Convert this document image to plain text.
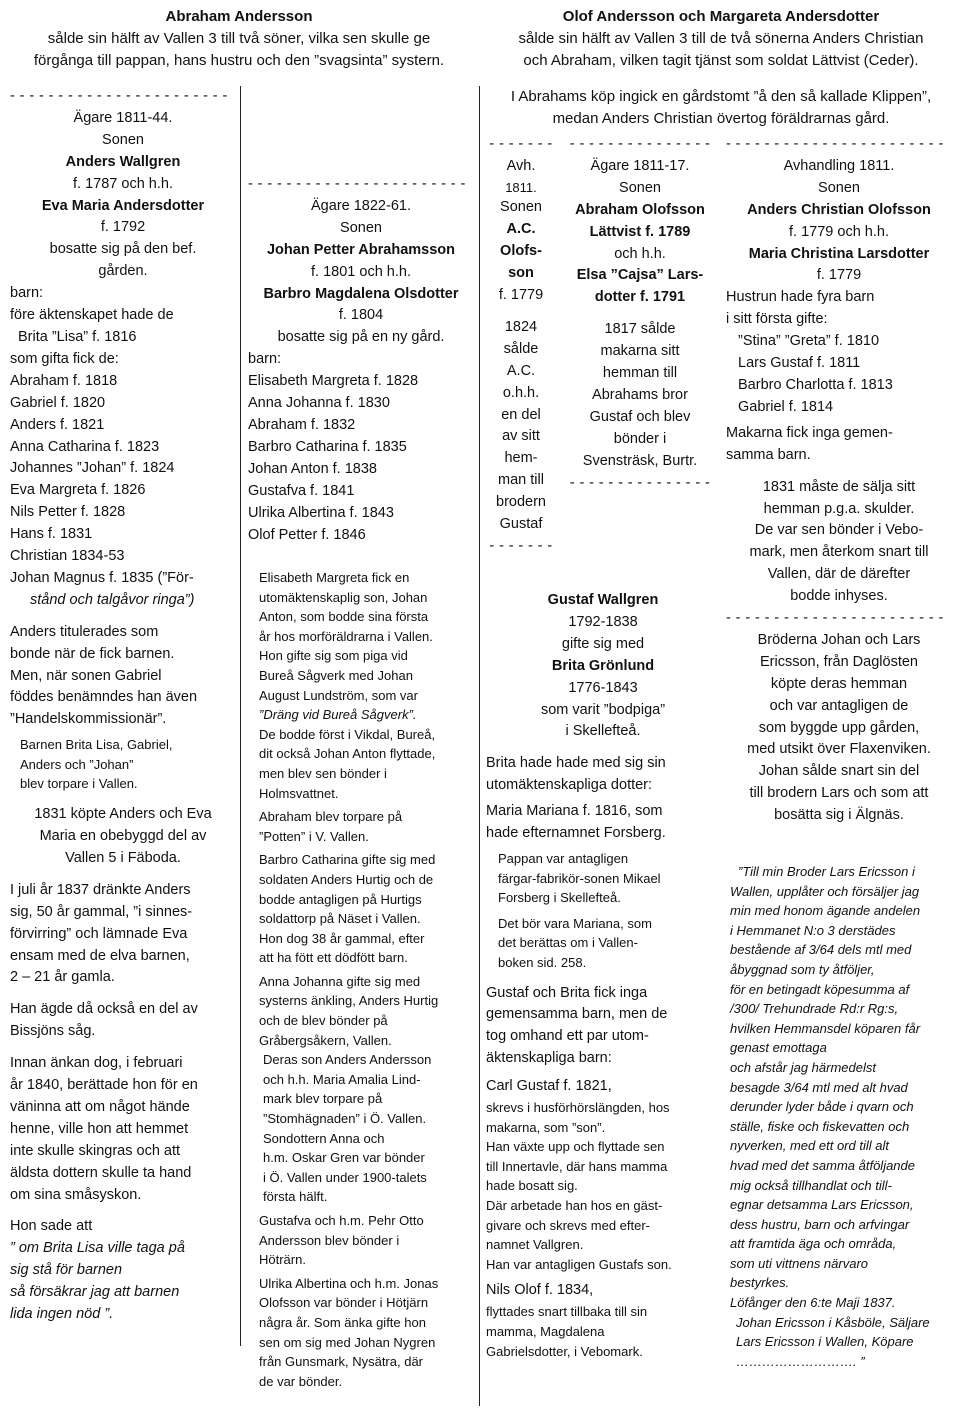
Abraham Andersson
sålde sin hälft av Vallen 3 till två söner, vilka sen skulle ge
förgånga till pappan, hans hustru och den ”svagsinta” systern.
Olof Andersson och Margareta Andersdotter
sålde sin hälft av Vallen 3 till de två sönerna Anders Christian
och Abraham, vilken tagit tjänst som soldat Lättvist (Ceder).
- - - - - - - - - - - - - - - - - - - - - - -
Ägare 1811-44.
Sonen
Anders Wallgren
f. 1787 och h.h.
Eva Maria Andersdotter
f. 1792
bosatte sig på den bef.
gården.
barn:
före äktenskapet hade de
Brita ”Lisa” f. 1816
som gifta fick de:
Abraham f. 1818
Gabriel f. 1820
Anders f. 1821
Anna Catharina f. 1823
Johannes ”Johan” f. 1824
Eva Margreta f. 1826
Nils Petter f. 1828
Hans f. 1831
Christian 1834-53
Johan Magnus f. 1835 (”För-
stånd och talgåvor ringa”)
Anders titulerades som
bonde när de fick barnen.
Men, när sonen Gabriel
föddes benämndes han även
”Handelskommissionär”.
Barnen Brita Lisa, Gabriel,
Anders och ”Johan”
blev torpare i Vallen.
1831 köpte Anders och Eva
Maria en obebyggd del av
Vallen 5 i Fäboda.
I juli år 1837 dränkte Anders
sig, 50 år gammal, ”i sinnes-
förvirring” och lämnade Eva
ensam med de elva barnen,
2 – 21 år gamla.
Han ägde då också en del av
Bissjöns såg.
Innan änkan dog, i februari
år 1840, berättade hon för en
väninna att om något hände
henne, ville hon att hemmet
inte skulle skingras och att
äldsta dottern skulle ta hand
om sina småsyskon.
Hon sade att
” om Brita Lisa ville taga på
sig stå för barnen
så försäkrar jag att barnen
lida ingen nöd ”.
- - - - - - - - - - - - - - - - - - - - - - -
Ägare 1822-61.
Sonen
Johan Petter Abrahamsson
f. 1801 och h.h.
Barbro Magdalena Olsdotter
f. 1804
bosatte sig på en ny gård.
barn:
Elisabeth Margreta f. 1828
Anna Johanna f. 1830
Abraham f. 1832
Barbro Catharina f. 1835
Johan Anton f. 1838
Gustafva f. 1841
Ulrika Albertina f. 1843
Olof Petter f. 1846
Elisabeth Margreta fick en
utomäktenskaplig son, Johan
Anton, som bodde sina första
år hos morföräldrarna i Vallen.
Hon gifte sig som piga vid
Bureå Sågverk med Johan
August Lundström, som var
”Dräng vid Bureå Sågverk”.
De bodde först i Vikdal, Bureå,
dit också Johan Anton flyttade,
men blev sen bönder i
Holmsvattnet.
Abraham blev torpare på
”Potten” i V. Vallen.
Barbro Catharina gifte sig med
soldaten Anders Hurtig och de
bodde antagligen på Hurtigs
soldattorp på Näset i Vallen.
Hon dog 38 år gammal, efter
att ha fött ett dödfött barn.
Anna Johanna gifte sig med
systerns änkling, Anders Hurtig
och de blev bönder på
Gråbergsåkern, Vallen.
Deras son Anders Andersson
och h.h. Maria Amalia Lind-
mark blev torpare på
”Stomhägnaden” i Ö. Vallen.
Sondottern Anna och
h.m. Oskar Gren var bönder
i Ö. Vallen under 1900-talets
första hälft.
Gustafva och h.m. Pehr Otto
Andersson blev bönder i
Höträrn.
Ulrika Albertina och h.m. Jonas
Olofsson var bönder i Hötjärn
några år. Som änka gifte hon
sen om sig med Johan Nygren
från Gunsmark, Nysätra, där
de var bönder.
I Abrahams köp ingick en gårdstomt ”å den så kallade Klippen”,
medan Anders Christian övertog föräldrarnas gård.
- - - - - - -
Avh.
1811.
Sonen
A.C.
Olofs-
son
f. 1779
1824
sålde
A.C.
o.h.h.
en del
av sitt
hem-
man till
brodern
Gustaf
- - - - - - -
- - - - - - - - - - - - - - -
Ägare 1811-17.
Sonen
Abraham Olofsson
Lättvist f. 1789
och h.h.
Elsa ”Cajsa” Lars-
dotter f. 1791
1817 sålde
makarna sitt
hemman till
Abrahams bror
Gustaf och blev
bönder i
Svensträsk, Burtr.
- - - - - - - - - - - - - - -
- - - - - - - - - - - - - - - - - - - - - - -
Avhandling 1811.
Sonen
Anders Christian Olofsson
f. 1779 och h.h.
Maria Christina Larsdotter
f. 1779
Hustrun hade fyra barn
i sitt första gifte:
”Stina” ”Greta” f. 1810
Lars Gustaf f. 1811
Barbro Charlotta f. 1813
Gabriel f. 1814
Makarna fick inga gemen-
samma barn.
1831 måste de sälja sitt
hemman p.g.a. skulder.
De var sen bönder i Vebo-
mark, men återkom snart till
Vallen, där de därefter
bodde inhyses.
- - - - - - - - - - - - - - - - - - - - - - -
Bröderna Johan och Lars
Ericsson, från Daglösten
köpte deras hemman
och var antagligen de
som byggde upp gården,
med utsikt över Flaxenviken.
Johan sålde snart sin del
till brodern Lars och som att
bosätta sig i Älgnäs.
”Till min Broder Lars Ericsson i
Wallen, upplåter och försäljer jag
min med honom ägande andelen
i Hemmanet N:o 3 derstädes
bestående af 3/64 dels mtl med
åbyggnad som ty åtföljer,
för en betingadt köpesumma af
/300/ Trehundrade Rd:r Rg:s,
hvilken Hemmansdel köparen får
genast emottaga
och afstår jag härmedelst
besagde 3/64 mtl med alt hvad
derunder lyder både i qvarn och
ställe, fiske och fiskevatten och
nyverken, med ett ord till alt
hvad med det samma åtföljande
mig också tillhandlat och till-
egnar detsamma Lars Ericsson,
dess hustru, barn och arfvingar
att framtida äga och områda,
som uti vittnens närvaro
bestyrkes.
Löfånger den 6:te Maji 1837.
Johan Ericsson i Kåsböle, Säljare
Lars Ericsson i Wallen, Köpare
………………………. ”
Gustaf Wallgren
1792-1838
gifte sig med
Brita Grönlund
1776-1843
som varit ”bodpiga”
i Skellefteå.
Brita hade hade med sig sin
utomäktenskapliga dotter:
Maria Mariana f. 1816, som
hade efternamnet Forsberg.
Pappan var antagligen
färgar-fabrikör-sonen Mikael
Forsberg i Skellefteå.
Det bör vara Mariana, som
det berättas om i Vallen-
boken sid. 258.
Gustaf och Brita fick inga
gemensamma barn, men de
tog omhand ett par utom-
äktenskapliga barn:
Carl Gustaf f. 1821,
skrevs i husförhörslängden, hos
makarna, som ”son”.
Han växte upp och flyttade sen
till Innertavle, där hans mamma
hade bosatt sig.
Där arbetade han hos en gäst-
givare och skrevs med efter-
namnet Vallgren.
Han var antagligen Gustafs son.
Nils Olof f. 1834,
flyttades snart tillbaka till sin
mamma, Magdalena
Gabrielsdotter, i Vebomark.
